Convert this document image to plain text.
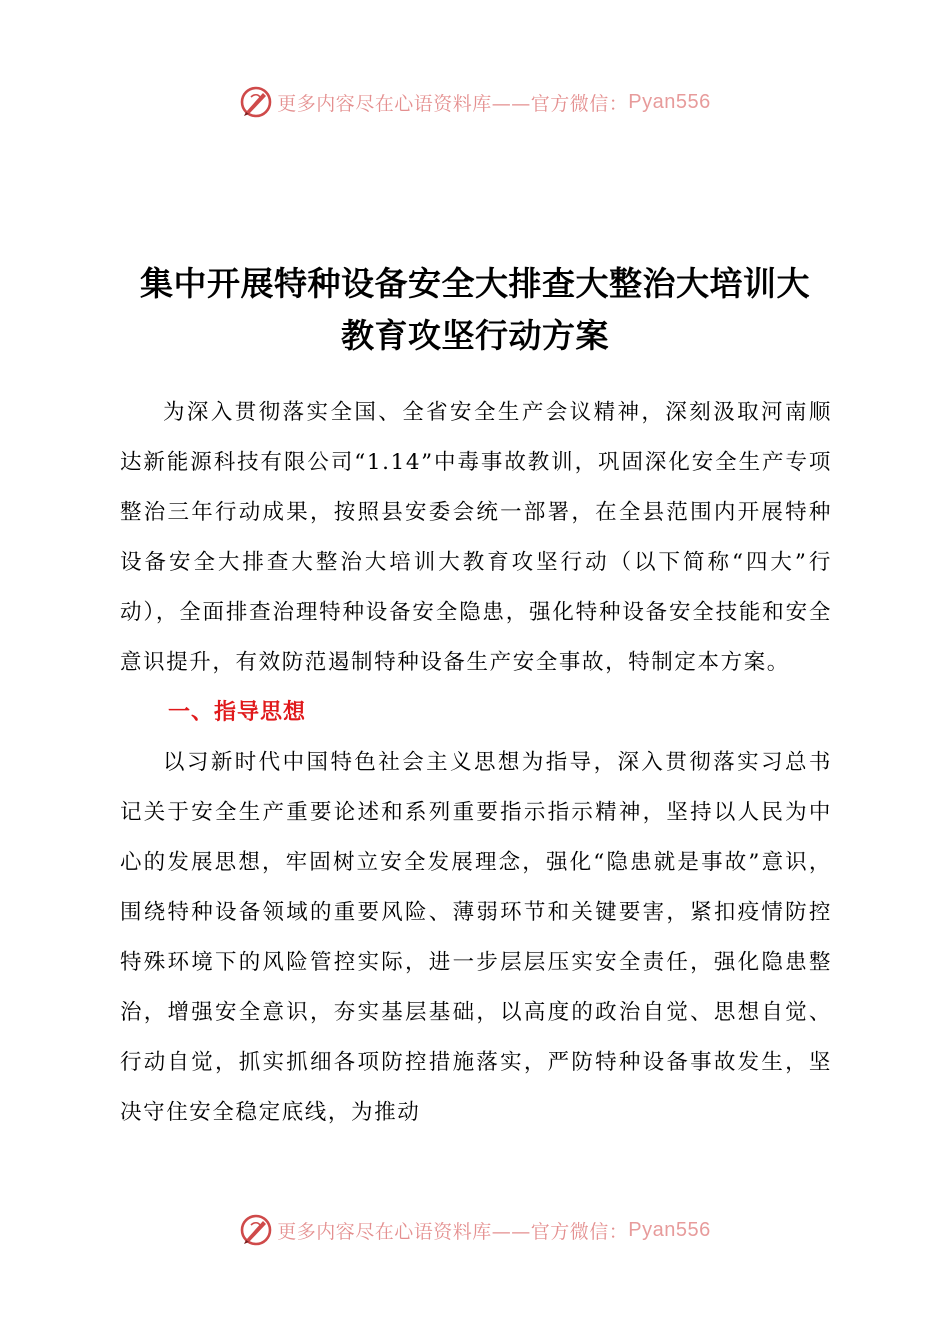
更多内容尽在心语资料库——官方微信： Pyan556
集中开展特种设备安全大排查大整治大培训大
教育攻坚行动方案

为深入贯彻落实全国、全省安全生产会议精神，深刻汲取河南顺达新能源科技有限公司“1.14”中毒事故教训，巩固深化安全生产专项整治三年行动成果，按照县安委会统一部署，在全县范围内开展特种设备安全大排查大整治大培训大教育攻坚行动（以下简称“四大”行动），全面排查治理特种设备安全隐患，强化特种设备安全技能和安全意识提升，有效防范遏制特种设备生产安全事故，特制定本方案。

一、指导思想

以习新时代中国特色社会主义思想为指导，深入贯彻落实习总书记关于安全生产重要论述和系列重要指示指示精神，坚持以人民为中心的发展思想，牢固树立安全发展理念，强化“隐患就是事故”意识，围绕特种设备领域的重要风险、薄弱环节和关键要害，紧扣疫情防控特殊环境下的风险管控实际，进一步层层压实安全责任，强化隐患整治，增强安全意识，夯实基层基础，以高度的政治自觉、思想自觉、行动自觉，抓实抓细各项防控措施落实，严防特种设备事故发生，坚决守住安全稳定底线，为推动

更多内容尽在心语资料库——官方微信： Pyan556
